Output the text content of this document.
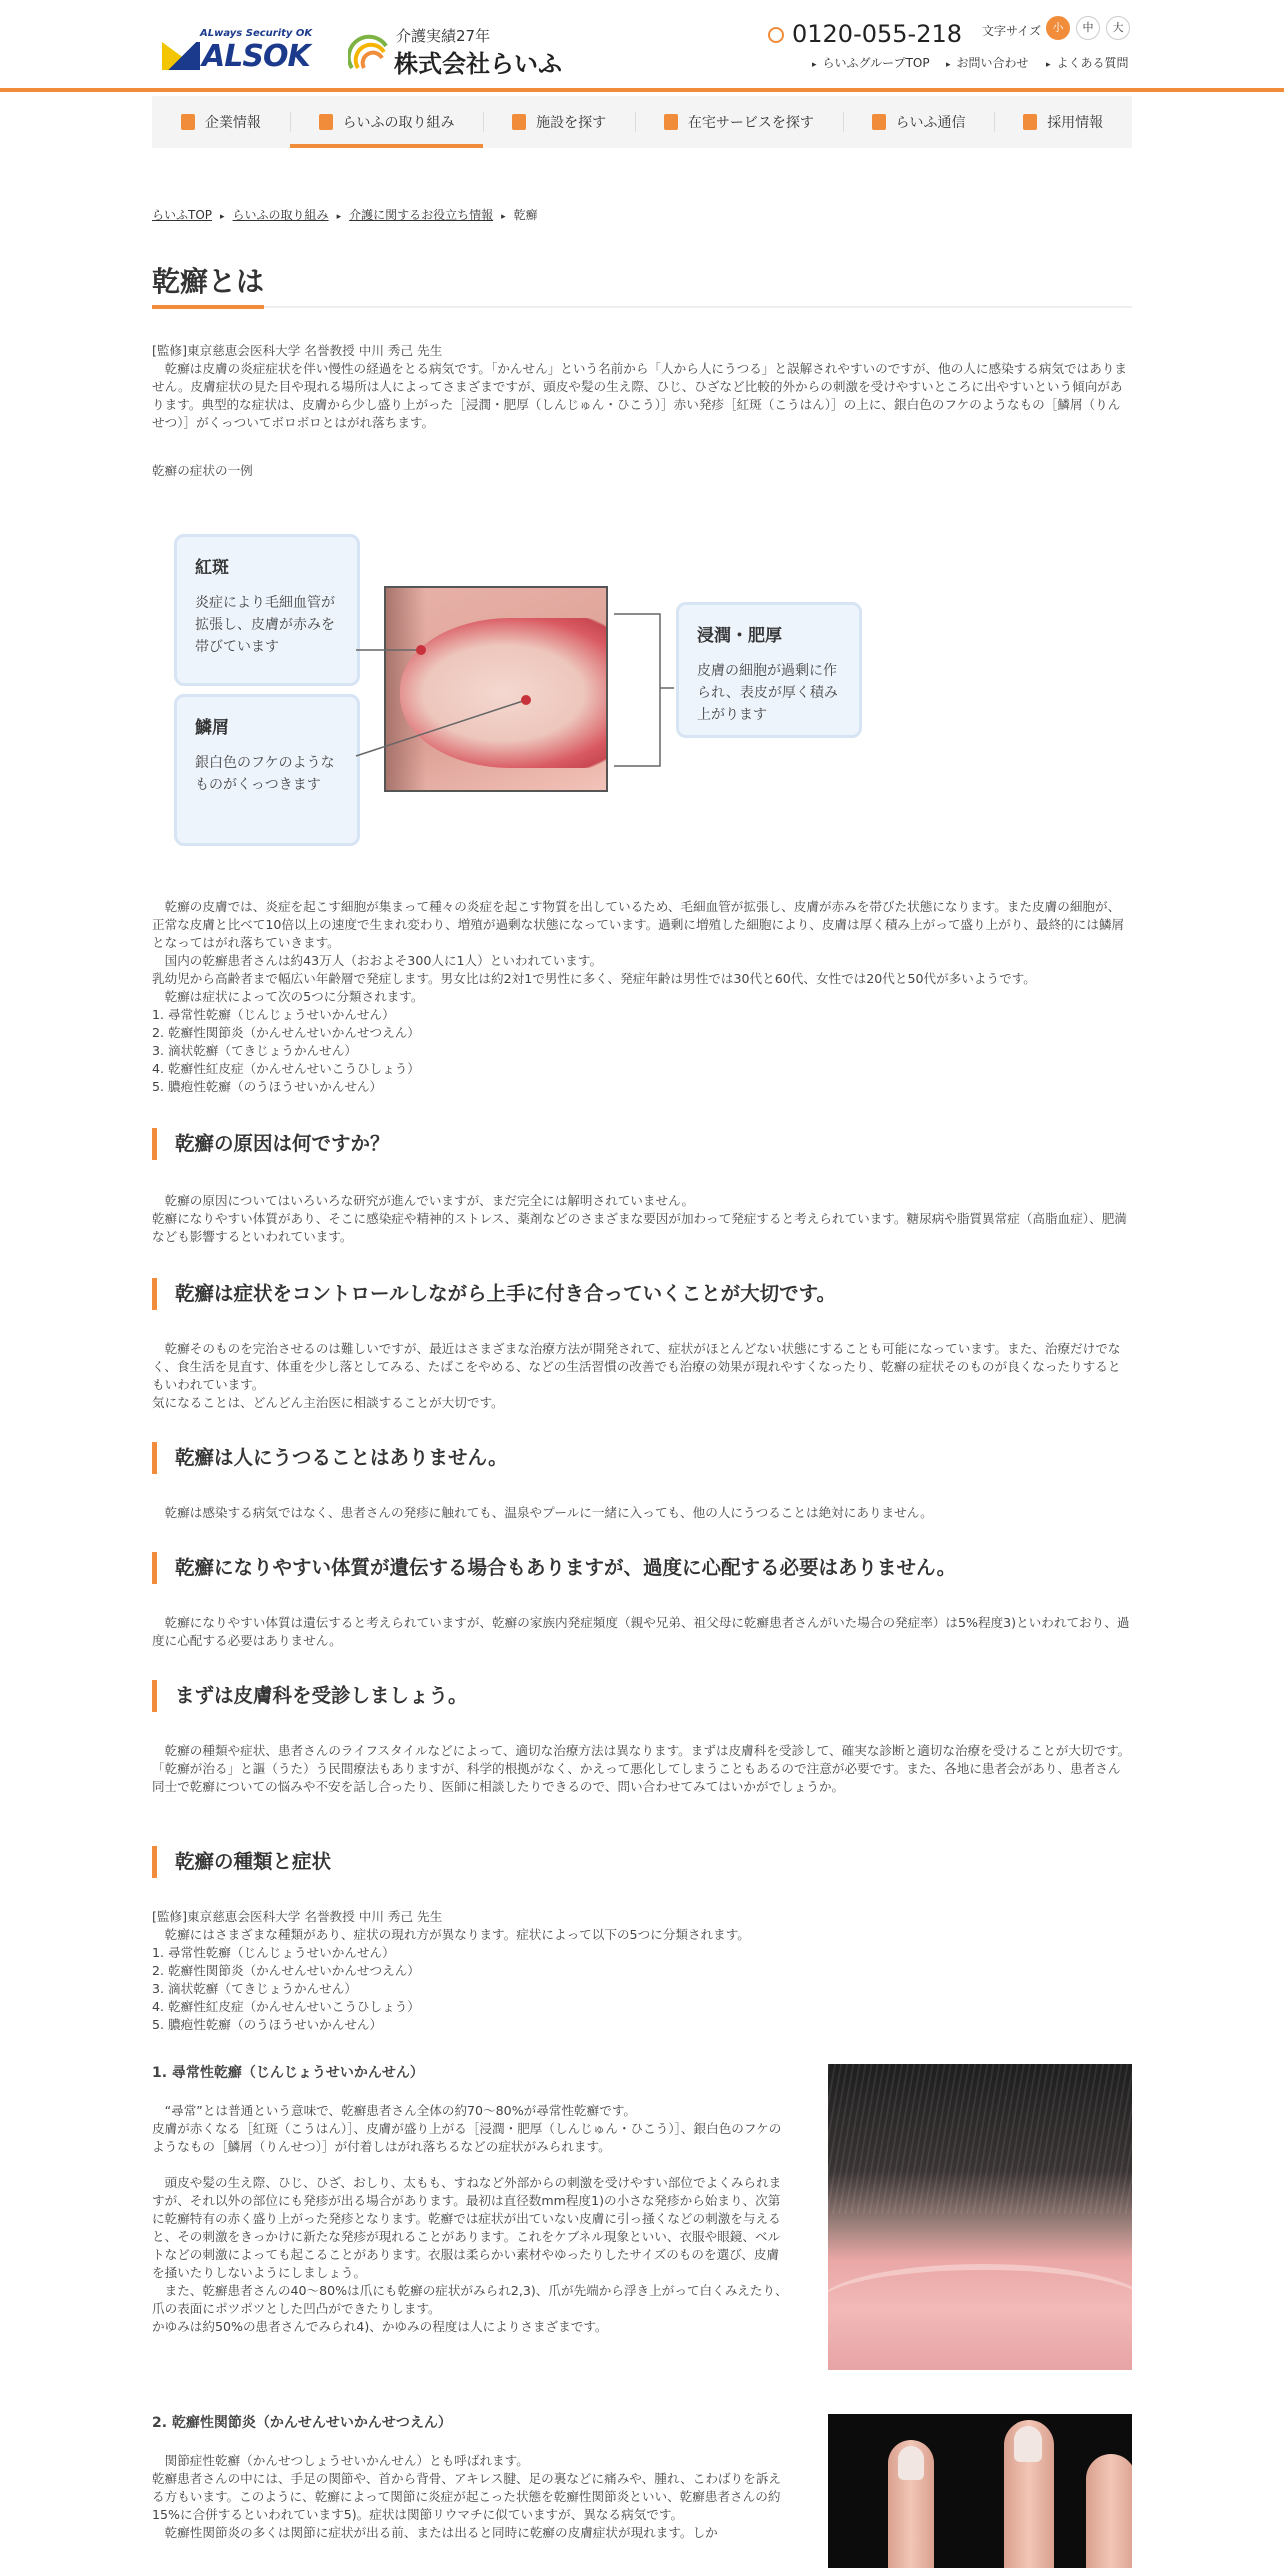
ALways Security OK
ALSOK
介護実績27年
株式会社らいふ
0120-055-218 文字サイズ	小	中	大
▸ らいふグループTOP	▸ お問い合わせ	▸ よくある質問
企業情報	らいふの取り組み	施設を探す	在宅サービスを探す	らいふ通信	採用情報
らいふTOP ▸ らいふの取り組み ▸ 介護に関するお役立ち情報 ▸ 乾癬
乾癬とは

[監修]東京慈恵会医科大学 名誉教授 中川 秀己 先生

　乾癬は皮膚の炎症症状を伴い慢性の経過をとる病気です。「かんせん」という名前から「人から人にうつる」と誤解されやすいのですが、他の人に感染する病気ではありません。皮膚症状の見た目や現れる場所は人によってさまざまですが、頭皮や髪の生え際、ひじ、ひざなど比較的外からの刺激を受けやすいところに出やすいという傾向があります。典型的な症状は、皮膚から少し盛り上がった［浸潤・肥厚（しんじゅん・ひこう）］赤い発疹［紅斑（こうはん）］の上に、銀白色のフケのようなもの［鱗屑（りんせつ）］がくっついてボロボロとはがれ落ちます。

乾癬の症状の一例
紅斑

炎症により毛細血管が拡張し、皮膚が赤みを帯びています

鱗屑

銀白色のフケのようなものがくっつきます

浸潤・肥厚

皮膚の細胞が過剰に作られ、表皮が厚く積み上がります

　乾癬の皮膚では、炎症を起こす細胞が集まって種々の炎症を起こす物質を出しているため、毛細血管が拡張し、皮膚が赤みを帯びた状態になります。また皮膚の細胞が、正常な皮膚と比べて10倍以上の速度で生まれ変わり、増殖が過剰な状態になっています。過剰に増殖した細胞により、皮膚は厚く積み上がって盛り上がり、最終的には鱗屑となってはがれ落ちていきます。

　国内の乾癬患者さんは約43万人（おおよそ300人に1人）といわれています。

乳幼児から高齢者まで幅広い年齢層で発症します。男女比は約2対1で男性に多く、発症年齢は男性では30代と60代、女性では20代と50代が多いようです。

　乾癬は症状によって次の5つに分類されます。

1. 尋常性乾癬（じんじょうせいかんせん）

2. 乾癬性関節炎（かんせんせいかんせつえん）

3. 滴状乾癬（てきじょうかんせん）

4. 乾癬性紅皮症（かんせんせいこうひしょう）

5. 膿疱性乾癬（のうほうせいかんせん）

乾癬の原因は何ですか？

　乾癬の原因についてはいろいろな研究が進んでいますが、まだ完全には解明されていません。

乾癬になりやすい体質があり、そこに感染症や精神的ストレス、薬剤などのさまざまな要因が加わって発症すると考えられています。糖尿病や脂質異常症（高脂血症）、肥満なども影響するといわれています。

乾癬は症状をコントロールしながら上手に付き合っていくことが大切です。

　乾癬そのものを完治させるのは難しいですが、最近はさまざまな治療方法が開発されて、症状がほとんどない状態にすることも可能になっています。また、治療だけでなく、食生活を見直す、体重を少し落としてみる、たばこをやめる、などの生活習慣の改善でも治療の効果が現れやすくなったり、乾癬の症状そのものが良くなったりするともいわれています。

気になることは、どんどん主治医に相談することが大切です。

乾癬は人にうつることはありません。

　乾癬は感染する病気ではなく、患者さんの発疹に触れても、温泉やプールに一緒に入っても、他の人にうつることは絶対にありません。

乾癬になりやすい体質が遺伝する場合もありますが、過度に心配する必要はありません。

　乾癬になりやすい体質は遺伝すると考えられていますが、乾癬の家族内発症頻度（親や兄弟、祖父母に乾癬患者さんがいた場合の発症率）は5%程度3)といわれており、過度に心配する必要はありません。

まずは皮膚科を受診しましょう。

　乾癬の種類や症状、患者さんのライフスタイルなどによって、適切な治療方法は異なります。まずは皮膚科を受診して、確実な診断と適切な治療を受けることが大切です。

「乾癬が治る」と謳（うた）う民間療法もありますが、科学的根拠がなく、かえって悪化してしまうこともあるので注意が必要です。また、各地に患者会があり、患者さん同士で乾癬についての悩みや不安を話し合ったり、医師に相談したりできるので、問い合わせてみてはいかがでしょうか。

乾癬の種類と症状

[監修]東京慈恵会医科大学 名誉教授 中川 秀己 先生

　乾癬にはさまざまな種類があり、症状の現れ方が異なります。症状によって以下の5つに分類されます。

1. 尋常性乾癬（じんじょうせいかんせん）

2. 乾癬性関節炎（かんせんせいかんせつえん）

3. 滴状乾癬（てきじょうかんせん）

4. 乾癬性紅皮症（かんせんせいこうひしょう）

5. 膿疱性乾癬（のうほうせいかんせん）

1. 尋常性乾癬（じんじょうせいかんせん）

　“尋常”とは普通という意味で、乾癬患者さん全体の約70〜80%が尋常性乾癬です。

皮膚が赤くなる［紅斑（こうはん）］、皮膚が盛り上がる［浸潤・肥厚（しんじゅん・ひこう）］、銀白色のフケのようなもの［鱗屑（りんせつ）］が付着しはがれ落ちるなどの症状がみられます。

　頭皮や髪の生え際、ひじ、ひざ、おしり、太もも、すねなど外部からの刺激を受けやすい部位でよくみられますが、それ以外の部位にも発疹が出る場合があります。最初は直径数mm程度1)の小さな発疹から始まり、次第に乾癬特有の赤く盛り上がった発疹となります。乾癬では症状が出ていない皮膚に引っ掻くなどの刺激を与えると、その刺激をきっかけに新たな発疹が現れることがあります。これをケブネル現象といい、衣服や眼鏡、ベルトなどの刺激によっても起こることがあります。衣服は柔らかい素材やゆったりしたサイズのものを選び、皮膚を掻いたりしないようにしましょう。

　また、乾癬患者さんの40〜80%は爪にも乾癬の症状がみられ2,3)、爪が先端から浮き上がって白くみえたり、爪の表面にポツポツとした凹凸ができたりします。

かゆみは約50%の患者さんでみられ4)、かゆみの程度は人によりさまざまです。

2. 乾癬性関節炎（かんせんせいかんせつえん）

　関節症性乾癬（かんせつしょうせいかんせん）とも呼ばれます。

乾癬患者さんの中には、手足の関節や、首から背骨、アキレス腱、足の裏などに痛みや、腫れ、こわばりを訴える方もいます。このように、乾癬によって関節に炎症が起こった状態を乾癬性関節炎といい、乾癬患者さんの約15%に合併するといわれています5)。症状は関節リウマチに似ていますが、異なる病気です。

　乾癬性関節炎の多くは関節に症状が出る前、または出ると同時に乾癬の皮膚症状が現れます。しか
